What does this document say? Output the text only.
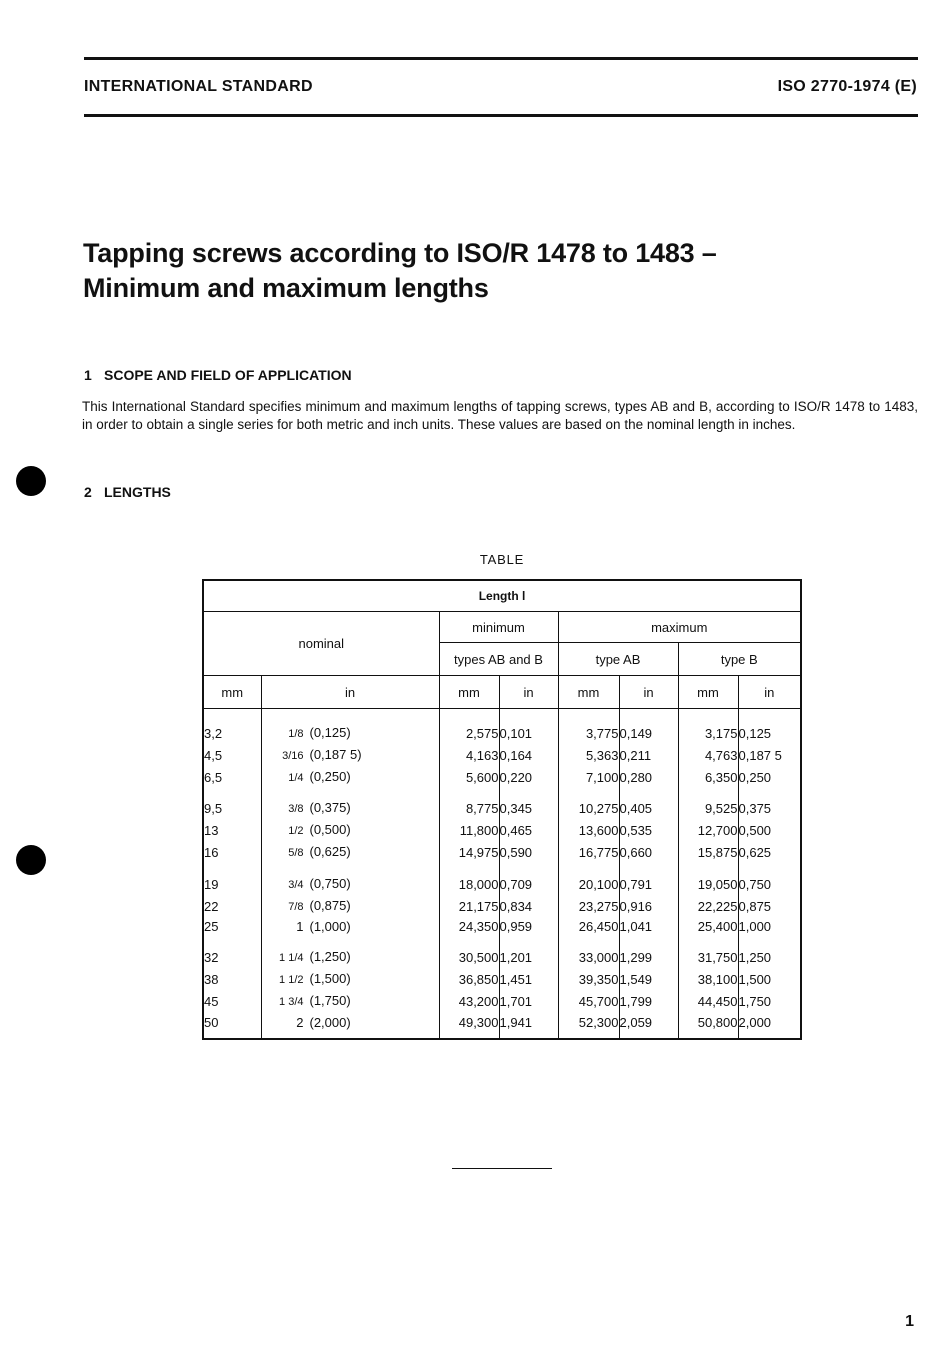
INTERNATIONAL STANDARD	ISO 2770-1974 (E)
Tapping screws according to ISO/R 1478 to 1483 –
Minimum and maximum lengths
1 SCOPE AND FIELD OF APPLICATION
This International Standard specifies minimum and maximum lengths of tapping screws, types AB and B, according to ISO/R 1478 to 1483, in order to obtain a single series for both metric and inch units. These values are based on the nominal length in inches.
2 LENGTHS
TABLE
Length l							
nominal		minimum		maximum			
		types AB and B		type AB		type B	
mm	in	mm	in	mm	in	mm	in

3,2	1/8 (0,125)	2,575	0,101	3,775	0,149	3,175	0,125
4,5	3/16 (0,187 5)	4,163	0,164	5,363	0,211	4,763	0,187 5
6,5	1/4 (0,250)	5,600	0,220	7,100	0,280	6,350	0,250

9,5	3/8 (0,375)	8,775	0,345	10,275	0,405	9,525	0,375
13	1/2 (0,500)	11,800	0,465	13,600	0,535	12,700	0,500
16	5/8 (0,625)	14,975	0,590	16,775	0,660	15,875	0,625

19	3/4 (0,750)	18,000	0,709	20,100	0,791	19,050	0,750
22	7/8 (0,875)	21,175	0,834	23,275	0,916	22,225	0,875
25	1 (1,000)	24,350	0,959	26,450	1,041	25,400	1,000

32	1 1/4 (1,250)	30,500	1,201	33,000	1,299	31,750	1,250
38	1 1/2 (1,500)	36,850	1,451	39,350	1,549	38,100	1,500
45	1 3/4 (1,750)	43,200	1,701	45,700	1,799	44,450	1,750
50	2 (2,000)	49,300	1,941	52,300	2,059	50,800	2,000

1
